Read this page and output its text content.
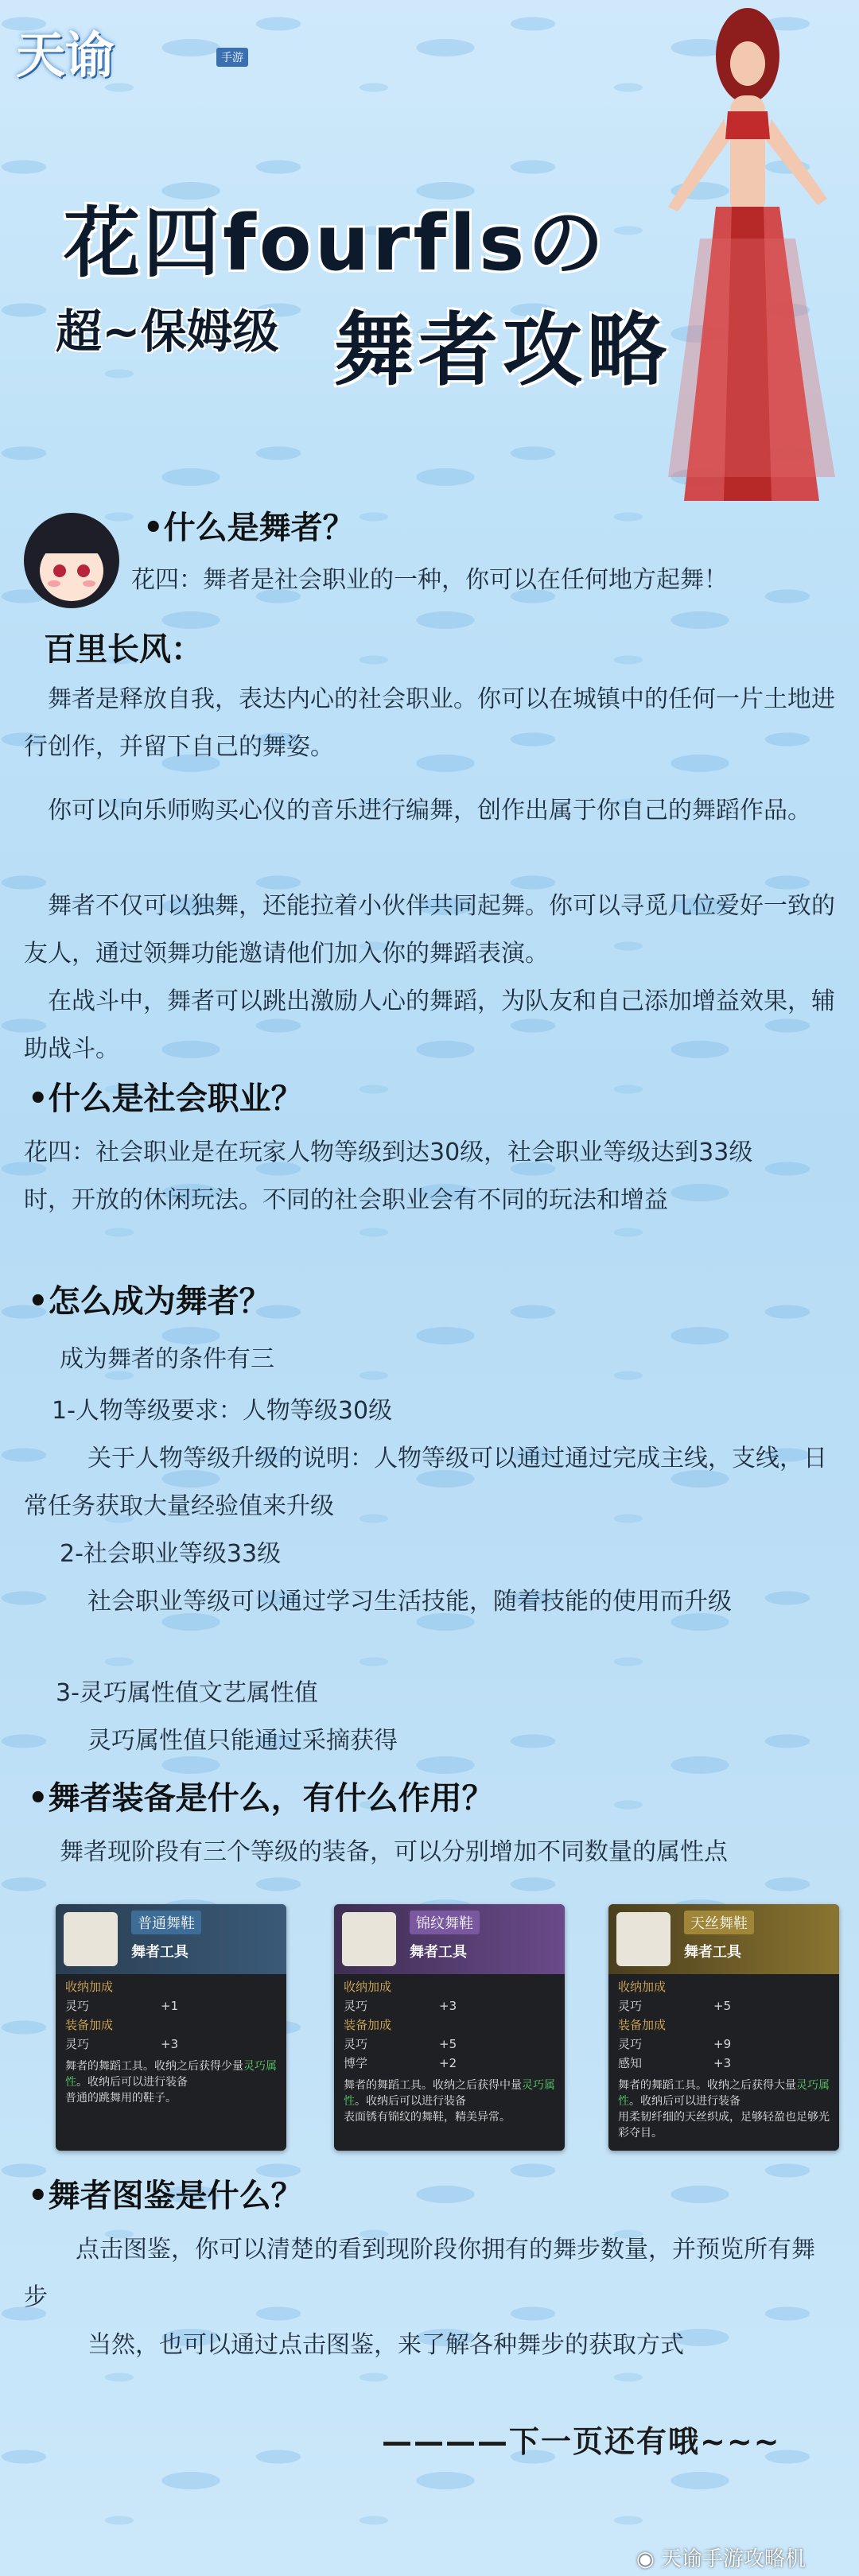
天谕	手游
花四fourflsの
超~保姆级 舞者攻略
•什么是舞者？
花四：舞者是社会职业的一种，你可以在任何地方起舞！
百里长风：
舞者是释放自我，表达内心的社会职业。你可以在城镇中的任何一片土地进行创作，并留下自己的舞姿。
你可以向乐师购买心仪的音乐进行编舞，创作出属于你自己的舞蹈作品。
舞者不仅可以独舞，还能拉着小伙伴共同起舞。你可以寻觅几位爱好一致的友人，通过领舞功能邀请他们加入你的舞蹈表演。
在战斗中，舞者可以跳出激励人心的舞蹈，为队友和自己添加增益效果，辅助战斗。
•什么是社会职业？
花四：社会职业是在玩家人物等级到达30级，社会职业等级达到33级时，开放的休闲玩法。不同的社会职业会有不同的玩法和增益
•怎么成为舞者？
成为舞者的条件有三
1-人物等级要求：人物等级30级
关于人物等级升级的说明：人物等级可以通过通过完成主线，支线，日常任务获取大量经验值来升级
2-社会职业等级33级
社会职业等级可以通过学习生活技能，随着技能的使用而升级
3-灵巧属性值文艺属性值
灵巧属性值只能通过采摘获得
•舞者装备是什么，有什么作用？
舞者现阶段有三个等级的装备，可以分别增加不同数量的属性点
普通舞鞋
舞者工具
收纳加成
灵巧	+1
装备加成
灵巧	+3
舞者的舞蹈工具。收纳之后获得少量灵巧属性。收纳后可以进行装备
普通的跳舞用的鞋子。
锦纹舞鞋
舞者工具
收纳加成
灵巧	+3
装备加成
灵巧	+5
博学	+2
舞者的舞蹈工具。收纳之后获得中量灵巧属性。收纳后可以进行装备
表面锈有锦纹的舞鞋，精美异常。
天丝舞鞋
舞者工具
收纳加成
灵巧	+5
装备加成
灵巧	+9
感知	+3
舞者的舞蹈工具。收纳之后获得大量灵巧属性。收纳后可以进行装备
用柔韧纤细的天丝织成，足够轻盈也足够光彩夺目。
•舞者图鉴是什么？
点击图鉴，你可以清楚的看到现阶段你拥有的舞步数量，并预览所有舞步
当然，也可以通过点击图鉴，来了解各种舞步的获取方式
————下一页还有哦~~~
◉ 天谕手游攻略机
